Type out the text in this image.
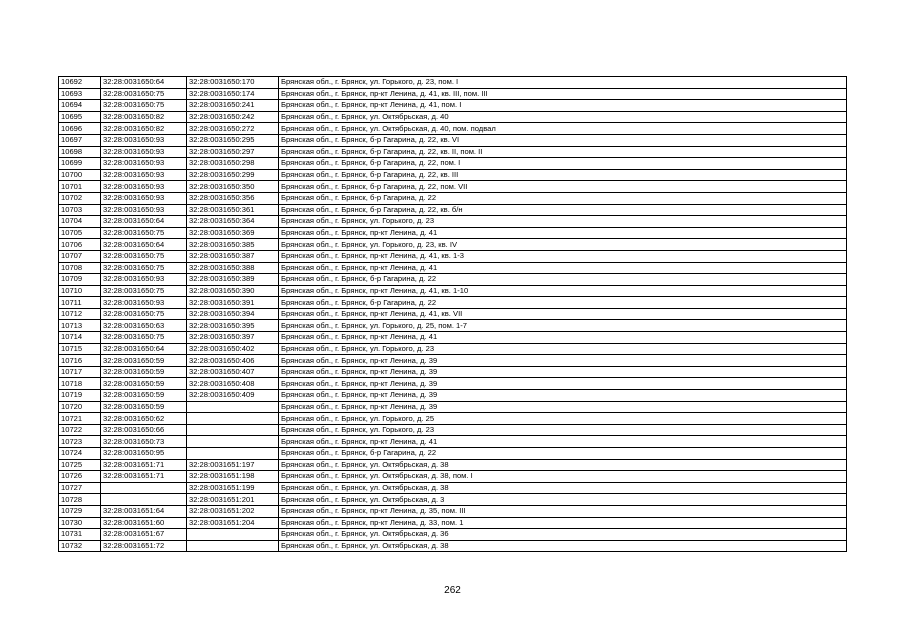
10692	32:28:0031650:64	32:28:0031650:170	Брянская обл., г. Брянск, ул. Горького, д. 23, пом. I
10693	32:28:0031650:75	32:28:0031650:174	Брянская обл., г. Брянск, пр-кт Ленина, д. 41, кв. III, пом. III
10694	32:28:0031650:75	32:28:0031650:241	Брянская обл., г. Брянск, пр-кт Ленина, д. 41, пом. I
10695	32:28:0031650:82	32:28:0031650:242	Брянская обл., г. Брянск, ул. Октябрьская, д. 40
10696	32:28:0031650:82	32:28:0031650:272	Брянская обл., г. Брянск, ул. Октябрьская, д. 40, пом. подвал
10697	32:28:0031650:93	32:28:0031650:295	Брянская обл., г. Брянск, б-р Гагарина, д. 22, кв. VI
10698	32:28:0031650:93	32:28:0031650:297	Брянская обл., г. Брянск, б-р Гагарина, д. 22, кв. II, пом. II
10699	32:28:0031650:93	32:28:0031650:298	Брянская обл., г. Брянск, б-р Гагарина, д. 22, пом. I
10700	32:28:0031650:93	32:28:0031650:299	Брянская обл., г. Брянск, б-р Гагарина, д. 22, кв. III
10701	32:28:0031650:93	32:28:0031650:350	Брянская обл., г. Брянск, б-р Гагарина, д. 22, пом. VII
10702	32:28:0031650:93	32:28:0031650:356	Брянская обл., г. Брянск, б-р Гагарина, д. 22
10703	32:28:0031650:93	32:28:0031650:361	Брянская обл., г. Брянск, б-р Гагарина, д. 22, кв. б/н
10704	32:28:0031650:64	32:28:0031650:364	Брянская обл., г. Брянск, ул. Горького, д. 23
10705	32:28:0031650:75	32:28:0031650:369	Брянская обл., г. Брянск, пр-кт Ленина, д. 41
10706	32:28:0031650:64	32:28:0031650:385	Брянская обл., г. Брянск, ул. Горького, д. 23, кв. IV
10707	32:28:0031650:75	32:28:0031650:387	Брянская обл., г. Брянск, пр-кт Ленина, д. 41, кв. 1-3
10708	32:28:0031650:75	32:28:0031650:388	Брянская обл., г. Брянск, пр-кт Ленина, д. 41
10709	32:28:0031650:93	32:28:0031650:389	Брянская обл., г. Брянск, б-р Гагарина, д. 22
10710	32:28:0031650:75	32:28:0031650:390	Брянская обл., г. Брянск, пр-кт Ленина, д. 41, кв. 1-10
10711	32:28:0031650:93	32:28:0031650:391	Брянская обл., г. Брянск, б-р Гагарина, д. 22
10712	32:28:0031650:75	32:28:0031650:394	Брянская обл., г. Брянск, пр-кт Ленина, д. 41, кв. VII
10713	32:28:0031650:63	32:28:0031650:395	Брянская обл., г. Брянск, ул. Горького, д. 25, пом. 1-7
10714	32:28:0031650:75	32:28:0031650:397	Брянская обл., г. Брянск, пр-кт Ленина, д. 41
10715	32:28:0031650:64	32:28:0031650:402	Брянская обл., г. Брянск, ул. Горького, д. 23
10716	32:28:0031650:59	32:28:0031650:406	Брянская обл., г. Брянск, пр-кт Ленина, д. 39
10717	32:28:0031650:59	32:28:0031650:407	Брянская обл., г. Брянск, пр-кт Ленина, д. 39
10718	32:28:0031650:59	32:28:0031650:408	Брянская обл., г. Брянск, пр-кт Ленина, д. 39
10719	32:28:0031650:59	32:28:0031650:409	Брянская обл., г. Брянск, пр-кт Ленина, д. 39
10720	32:28:0031650:59		Брянская обл., г. Брянск, пр-кт Ленина, д. 39
10721	32:28:0031650:62		Брянская обл., г. Брянск, ул. Горького, д. 25
10722	32:28:0031650:66		Брянская обл., г. Брянск, ул. Горького, д. 23
10723	32:28:0031650:73		Брянская обл., г. Брянск, пр-кт Ленина, д. 41
10724	32:28:0031650:95		Брянская обл., г. Брянск, б-р Гагарина, д. 22
10725	32:28:0031651:71	32:28:0031651:197	Брянская обл., г. Брянск, ул. Октябрьская, д. 38
10726	32:28:0031651:71	32:28:0031651:198	Брянская обл., г. Брянск, ул. Октябрьская, д. 38, пом. I
10727		32:28:0031651:199	Брянская обл., г. Брянск, ул. Октябрьская, д. 38
10728		32:28:0031651:201	Брянская обл., г. Брянск, ул. Октябрьская, д. 3
10729	32:28:0031651:64	32:28:0031651:202	Брянская обл., г. Брянск, пр-кт Ленина, д. 35, пом. III
10730	32:28:0031651:60	32:28:0031651:204	Брянская обл., г. Брянск, пр-кт Ленина, д. 33, пом. 1
10731	32:28:0031651:67		Брянская обл., г. Брянск, ул. Октябрьская, д. 36
10732	32:28:0031651:72		Брянская обл., г. Брянск, ул. Октябрьская, д. 38
262
